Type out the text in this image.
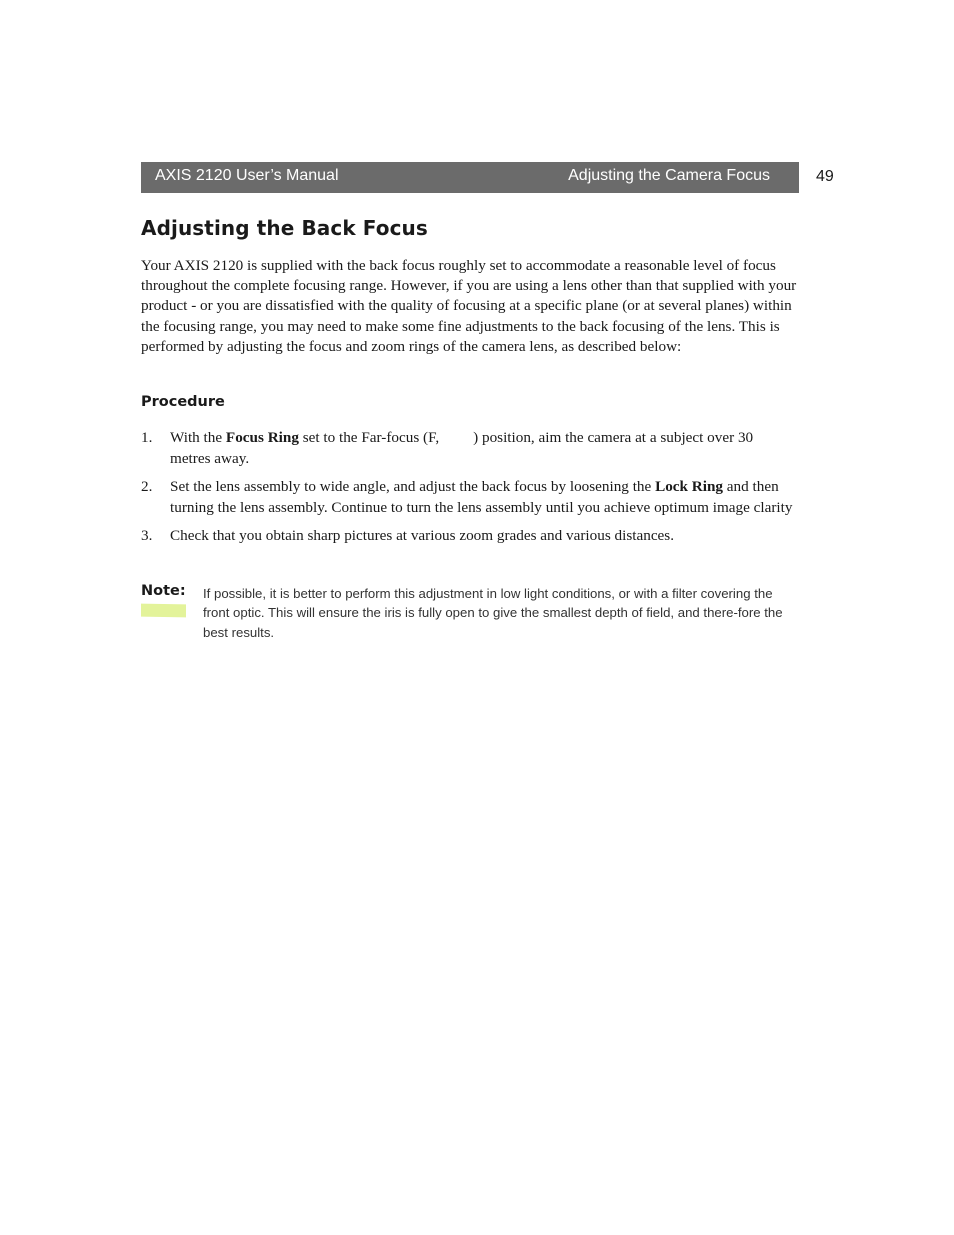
AXIS 2120 User’s Manual	Adjusting the Camera Focus	49
Adjusting the Back Focus

Your AXIS 2120 is supplied with the back focus roughly set to accommodate a reasonable level of focus throughout the complete focusing range. However, if you are using a lens other than that supplied with your product - or you are dissatisfied with the quality of focusing at a specific plane (or at several planes) within the focusing range, you may need to make some fine adjustments to the back focusing of the lens. This is performed by adjusting the focus and zoom rings of the camera lens, as described below:

Procedure
1. With the Focus Ring set to the Far-focus (F, ) position, aim the camera at a subject over 30 metres away.
2. Set the lens assembly to wide angle, and adjust the back focus by loosening the Lock Ring and then turning the lens assembly. Continue to turn the lens assembly until you achieve optimum image clarity
3. Check that you obtain sharp pictures at various zoom grades and various distances.
Note: If possible, it is better to perform this adjustment in low light conditions, or with a filter covering the front optic. This will ensure the iris is fully open to give the smallest depth of field, and there-fore the best results.
